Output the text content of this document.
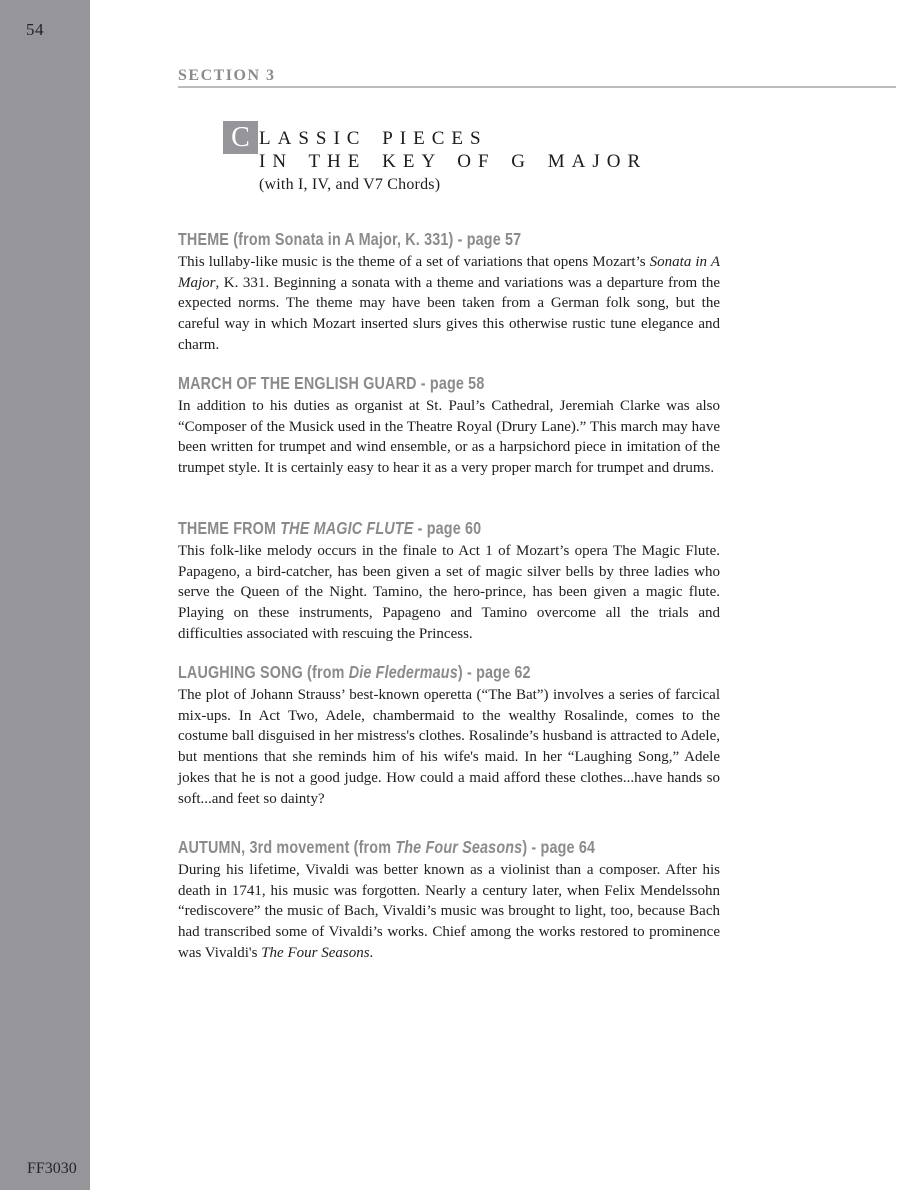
54
FF3030
SECTION 3
C LASSIC PIECES
IN THE KEY OF G MAJOR
(with I, IV, and V7 Chords)
THEME (from Sonata in A Major, K. 331) - page 57

This lullaby-like music is the theme of a set of variations that opens Mozart’s Sonata in A Major, K. 331. Beginning a sonata with a theme and variations was a departure from the expected norms. The theme may have been taken from a German folk song, but the careful way in which Mozart inserted slurs gives this otherwise rustic tune elegance and charm.

MARCH OF THE ENGLISH GUARD - page 58

In addition to his duties as organist at St. Paul’s Cathedral, Jeremiah Clarke was also “Composer of the Musick used in the Theatre Royal (Drury Lane).” This march may have been written for trumpet and wind ensemble, or as a harpsichord piece in imitation of the trumpet style. It is certainly easy to hear it as a very proper march for trumpet and drums.

THEME FROM THE MAGIC FLUTE - page 60

This folk-like melody occurs in the finale to Act 1 of Mozart’s opera The Magic Flute. Papageno, a bird-catcher, has been given a set of magic silver bells by three ladies who serve the Queen of the Night. Tamino, the hero-prince, has been given a magic flute. Playing on these instruments, Papageno and Tamino overcome all the trials and difficulties associated with rescuing the Princess.

LAUGHING SONG (from Die Fledermaus) - page 62

The plot of Johann Strauss’ best-known operetta (“The Bat”) involves a series of farcical mix-ups. In Act Two, Adele, chambermaid to the wealthy Rosalinde, comes to the costume ball disguised in her mistress's clothes. Rosalinde’s husband is attracted to Adele, but mentions that she reminds him of his wife's maid. In her “Laughing Song,” Adele jokes that he is not a good judge. How could a maid afford these clothes...have hands so soft...and feet so dainty?

AUTUMN, 3rd movement (from The Four Seasons) - page 64

During his lifetime, Vivaldi was better known as a violinist than a composer. After his death in 1741, his music was forgotten. Nearly a century later, when Felix Mendelssohn “rediscovere” the music of Bach, Vivaldi’s music was brought to light, too, because Bach had transcribed some of Vivaldi’s works. Chief among the works restored to prominence was Vivaldi's The Four Seasons.
